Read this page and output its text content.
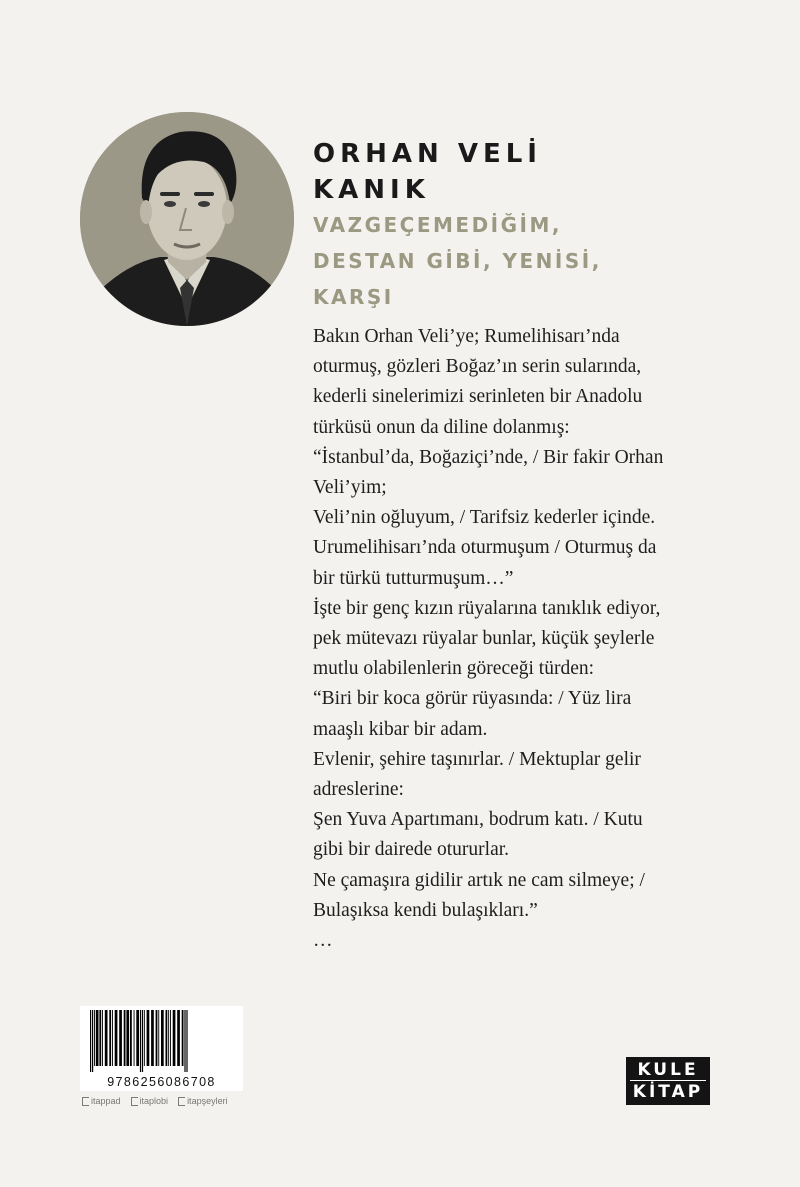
ORHAN VELİ
KANIK
VAZGEÇEMEDİĞİM,
DESTAN GİBİ, YENİSİ,
KARŞI
Bakın Orhan Veli’ye; Rumelihisarı’nda
oturmuş, gözleri Boğaz’ın serin sularında,
kederli sinelerimizi serinleten bir Anadolu
türküsü onun da diline dolanmış:
“İstanbul’da, Boğaziçi’nde, / Bir fakir Orhan
Veli’yim;
Veli’nin oğluyum, / Tarifsiz kederler içinde.
Urumelihisarı’nda oturmuşum / Oturmuş da
bir türkü tutturmuşum…”
İşte bir genç kızın rüyalarına tanıklık ediyor,
pek mütevazı rüyalar bunlar, küçük şeylerle
mutlu olabilenlerin göreceği türden:
“Biri bir koca görür rüyasında: / Yüz lira
maaşlı kibar bir adam.
Evlenir, şehire taşınırlar. / Mektuplar gelir
adreslerine:
Şen Yuva Apartımanı, bodrum katı. / Kutu
gibi bir dairede otururlar.
Ne çamaşıra gidilir artık ne cam silmeye; /
Bulaşıksa kendi bulaşıkları.”
…
9786256086708
itappad itaplobi itapşeyleri
KULE
KİTAP
